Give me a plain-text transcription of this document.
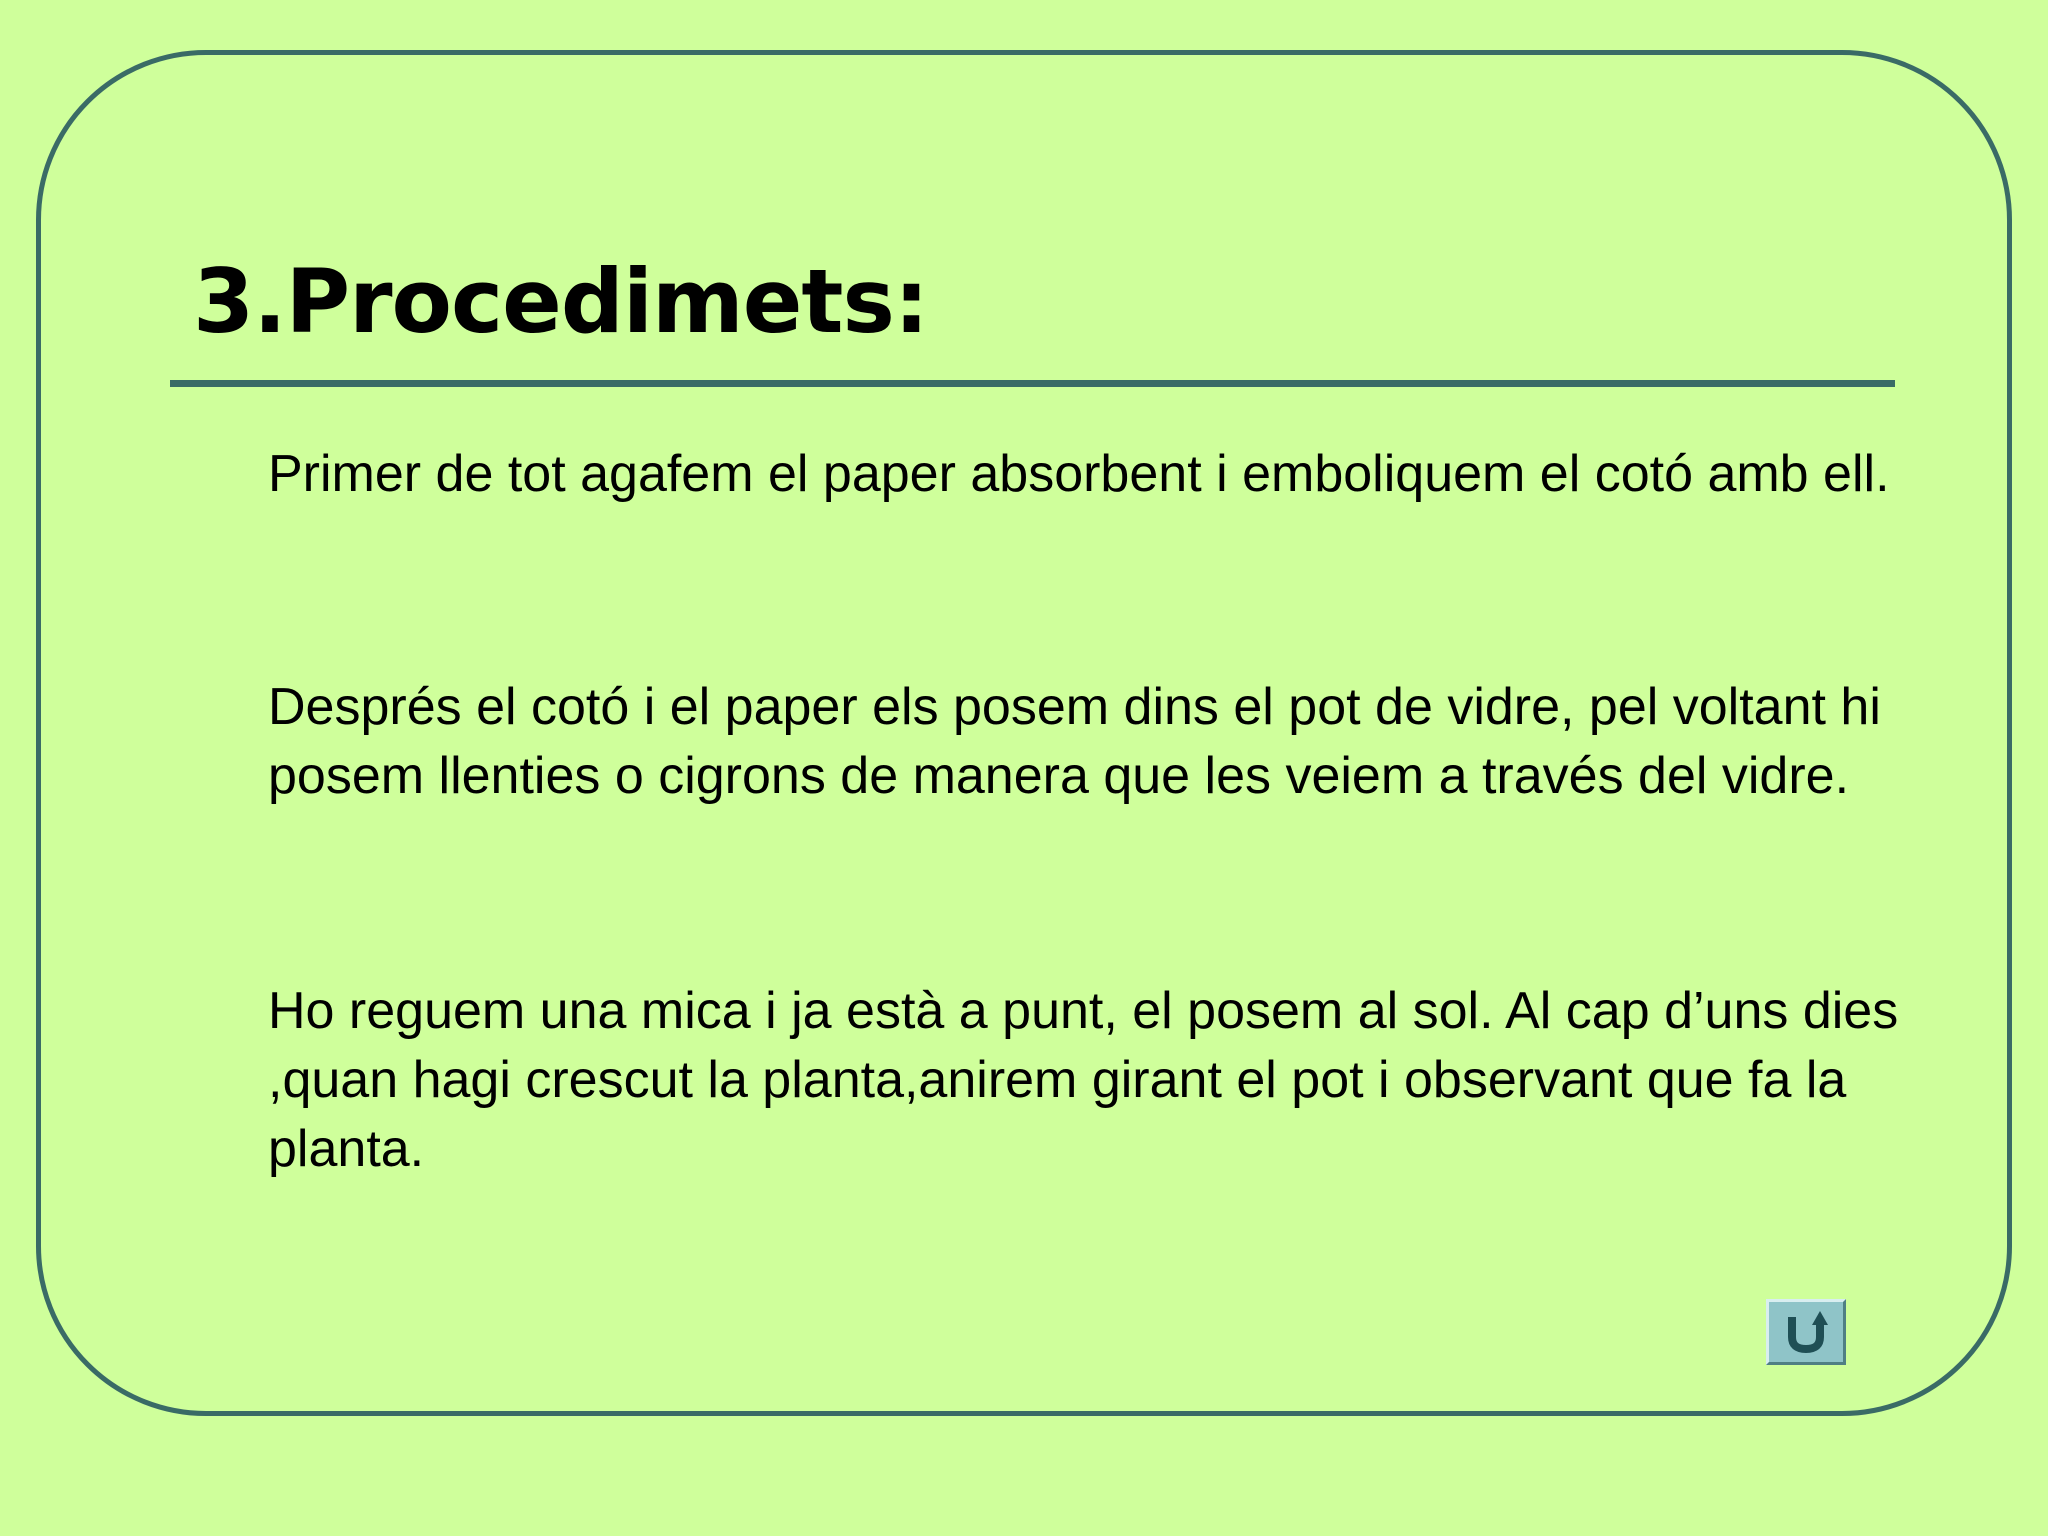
3.Procedimets:

Primer de tot agafem el paper absorbent i emboliquem el cotó amb ell.

Després el cotó i el paper els posem dins el pot de vidre, pel voltant hi posem llenties o cigrons de manera que les veiem a través del vidre.

Ho reguem una mica i ja està a punt, el posem al sol. Al cap d’uns dies ,quan hagi crescut la planta,anirem girant el pot i observant que fa la planta.
